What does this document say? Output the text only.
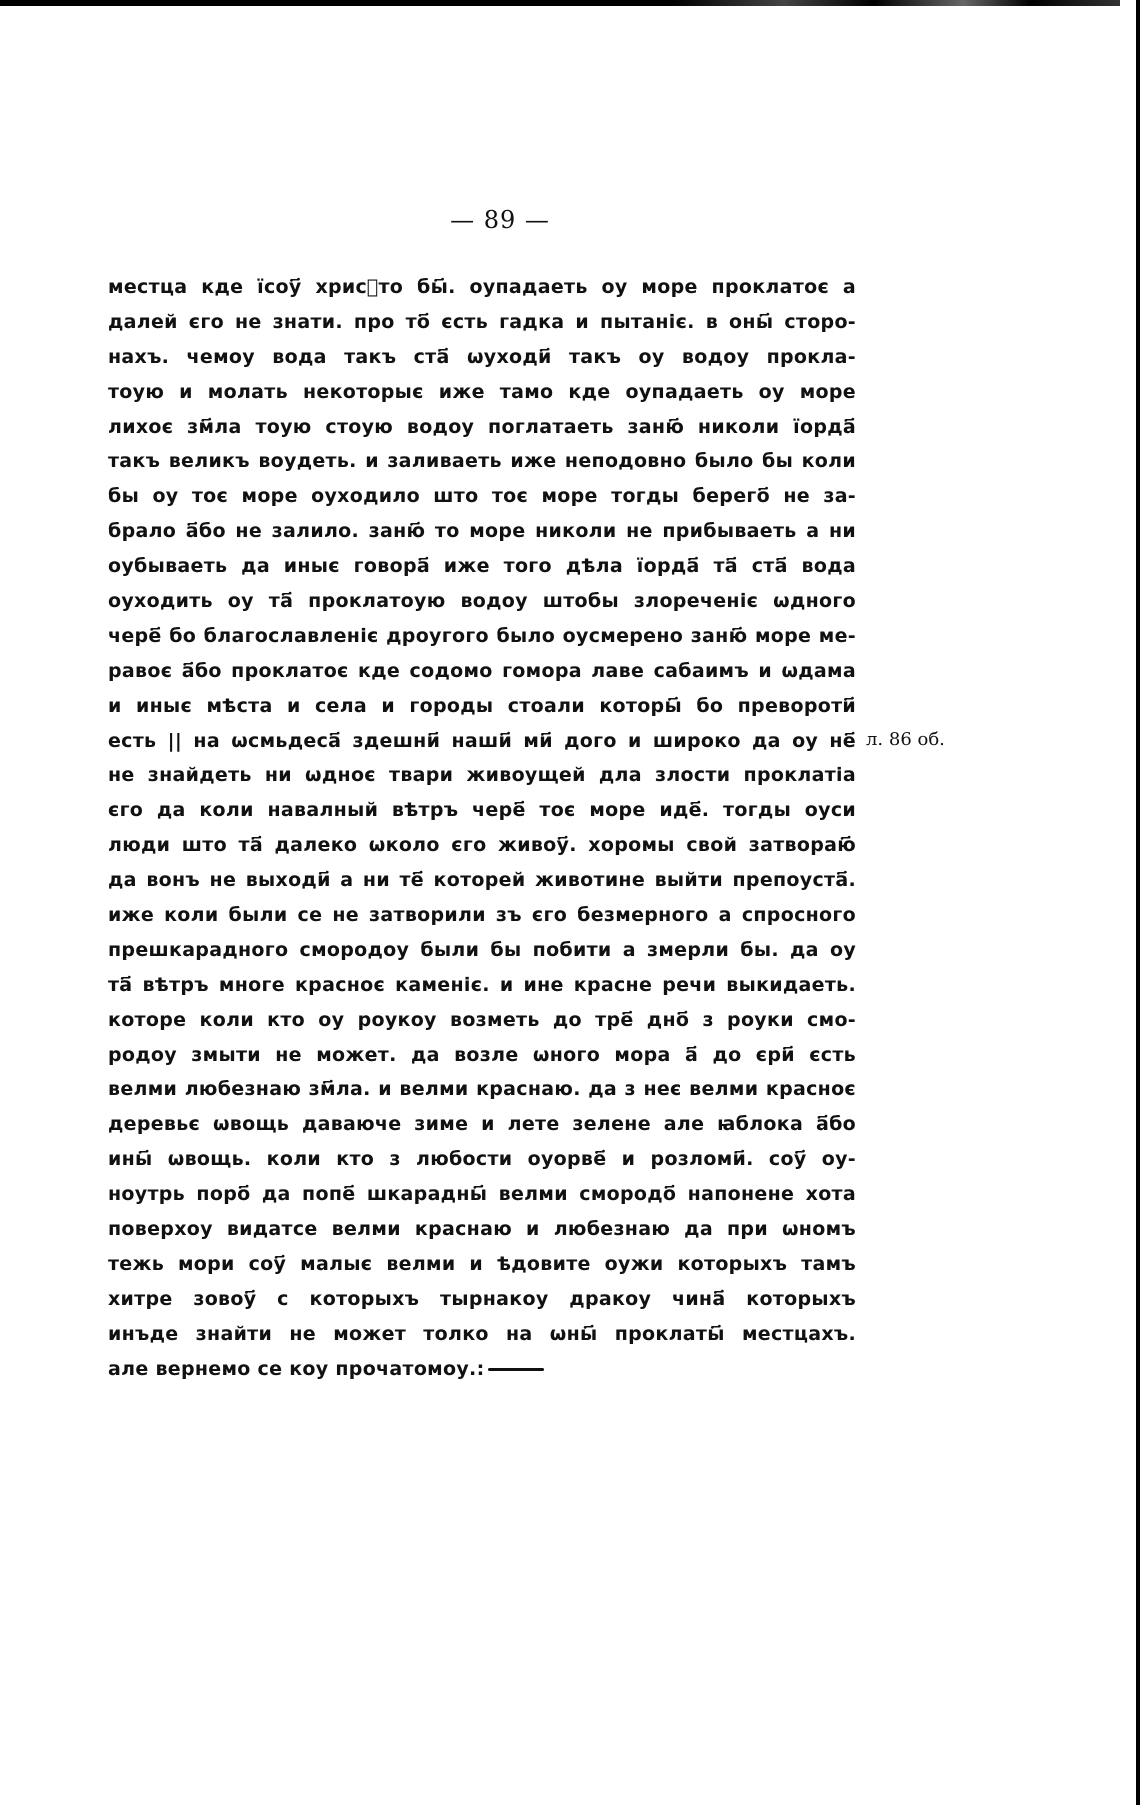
— 89 —
местца кде їсоу҃ хрисⷮто бы҃. оупадаеть оу море проклатоє а
далей єго не знати. про то҃ єсть гадка и пытаніє. в оны҃ сторо-
нахъ. чемоу вода такъ ста҃ ѡуходи҃ такъ оу водоу прокла-
тоую и молать некоторыє иже тамо кде оупадаеть оу море
лихоє зм҃ла тоую стоую водоу поглатаеть заню҃ николи їорда҃
такъ великъ воудеть. и заливаеть иже неподовно было бы коли
бы оу тоє море оуходило што тоє море тогды берего҃ не за-
брало а҃бо не залило. заню҃ то море николи не прибываеть а ни
оубываеть да иныє говора҃ иже того дѣла їорда҃ та҃ ста҃ вода
оуходить оу та҃ проклатоую водоу штобы злореченіє ѡдного
чере҃ бо благославленіє дроугого было оусмерено заню҃ море ме-
равоє а҃бо проклатоє кде содомо гомора лаве сабаимъ и ѡдама
и иныє мѣста и села и городы стоали которы҃ бо превороти҃
есть || на ѡсмьдеса҃ здешни҃ наши҃ ми҃ дого и широко да оу не҃
не знайдеть ни ѡдноє твари живоущей дла злости проклатіа
єго да коли навалный вѣтръ чере҃ тоє море иде҃. тогды оуси
люди што та҃ далеко ѡколо єго живоу҃. хоромы свой затвораю҃
да вонъ не выходи҃ а ни те҃ которей животине выйти препоуста҃.
иже коли были се не затворили зъ єго безмерного а спросного
прешкарадного смородоу были бы побити а змерли бы. да оу
та҃ вѣтръ многе красноє каменіє. и ине красне речи выкидаеть.
которе коли кто оу роукоу возметь до тре҃ дно҃ з роуки смо-
родоу змыти не может. да возле ѡного мора а҃ до єри҃ єсть
велми любезнаю зм҃ла. и велми краснаю. да з неє велми красноє
деревьє ѡвощь даваюче зиме и лете зелене але ꙗблока а҃бо
ины҃ ѡвощь. коли кто з любости оуорве҃ и розломи҃. соу҃ оу-
ноутрь поро҃ да попе҃ шкарадны҃ велми смородо҃ напонене хота
поверхоу видатсе велми краснаю и любезнаю да при ѡномъ
тежь мори соу҃ малыє велми и ѣдовите оужи которыхъ тамъ
хитре зовоу҃ с которыхъ тырнакоу дракоу чина҃ которыхъ
инъде знайти не может толко на ѡны҃ проклаты҃ местцахъ.
але вернемо се коу прочатомоу.:
л. 86 об.
